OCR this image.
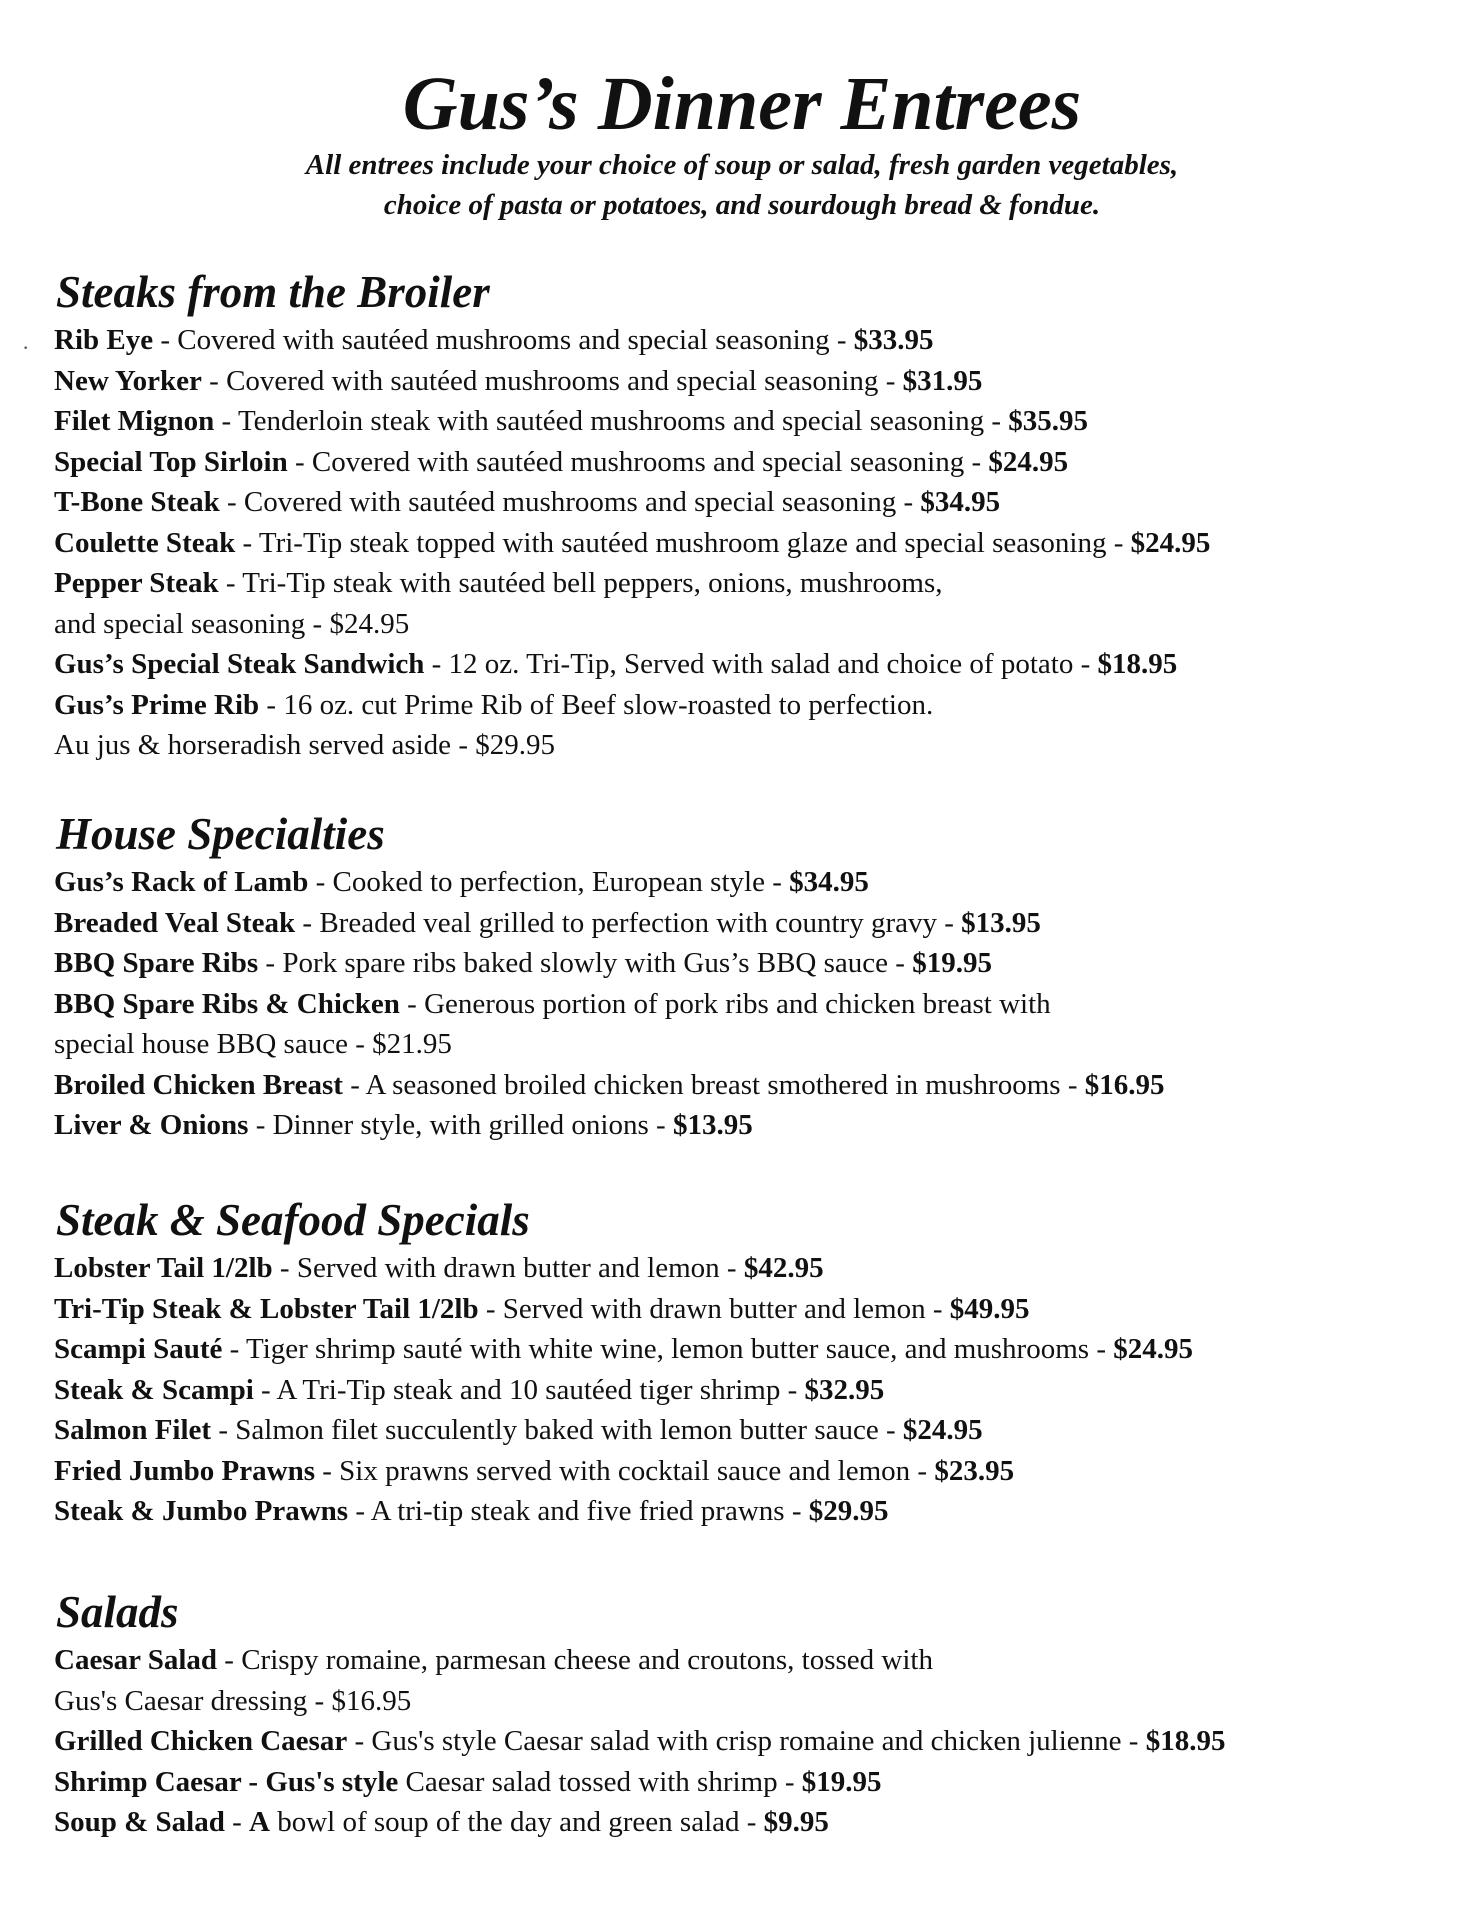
Gus’s Dinner Entrees
All entrees include your choice of soup or salad, fresh garden vegetables,
choice of pasta or potatoes, and sourdough bread & fondue.
·
Steaks from the Broiler
Rib Eye - Covered with sautéed mushrooms and special seasoning - $33.95
New Yorker - Covered with sautéed mushrooms and special seasoning - $31.95
Filet Mignon - Tenderloin steak with sautéed mushrooms and special seasoning - $35.95
Special Top Sirloin - Covered with sautéed mushrooms and special seasoning - $24.95
T-Bone Steak - Covered with sautéed mushrooms and special seasoning - $34.95
Coulette Steak - Tri-Tip steak topped with sautéed mushroom glaze and special seasoning - $24.95
Pepper Steak - Tri-Tip steak with sautéed bell peppers, onions, mushrooms,
and special seasoning - $24.95
Gus’s Special Steak Sandwich - 12 oz. Tri-Tip, Served with salad and choice of potato - $18.95
Gus’s Prime Rib - 16 oz. cut Prime Rib of Beef slow-roasted to perfection.
Au jus & horseradish served aside - $29.95
House Specialties
Gus’s Rack of Lamb - Cooked to perfection, European style - $34.95
Breaded Veal Steak - Breaded veal grilled to perfection with country gravy - $13.95
BBQ Spare Ribs - Pork spare ribs baked slowly with Gus’s BBQ sauce - $19.95
BBQ Spare Ribs & Chicken - Generous portion of pork ribs and chicken breast with
special house BBQ sauce - $21.95
Broiled Chicken Breast - A seasoned broiled chicken breast smothered in mushrooms - $16.95
Liver & Onions - Dinner style, with grilled onions - $13.95
Steak & Seafood Specials
Lobster Tail 1/2lb - Served with drawn butter and lemon - $42.95
Tri-Tip Steak & Lobster Tail 1/2lb - Served with drawn butter and lemon - $49.95
Scampi Sauté - Tiger shrimp sauté with white wine, lemon butter sauce, and mushrooms - $24.95
Steak & Scampi - A Tri-Tip steak and 10 sautéed tiger shrimp - $32.95
Salmon Filet - Salmon filet succulently baked with lemon butter sauce - $24.95
Fried Jumbo Prawns - Six prawns served with cocktail sauce and lemon - $23.95
Steak & Jumbo Prawns - A tri-tip steak and five fried prawns - $29.95
Salads
Caesar Salad - Crispy romaine, parmesan cheese and croutons, tossed with
Gus's Caesar dressing - $16.95
Grilled Chicken Caesar - Gus's style Caesar salad with crisp romaine and chicken julienne - $18.95
Shrimp Caesar - Gus's style Caesar salad tossed with shrimp - $19.95
Soup & Salad - A bowl of soup of the day and green salad - $9.95
